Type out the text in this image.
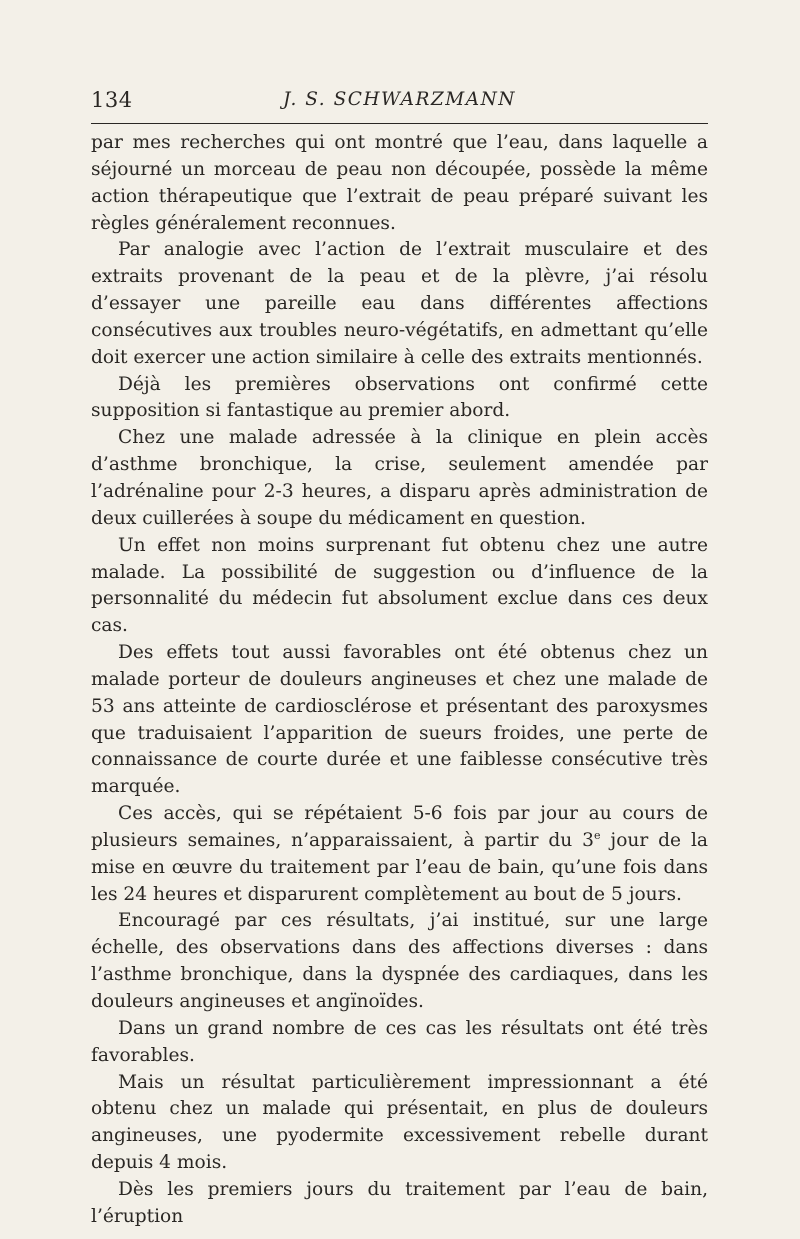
134	J. S. SCHWARZMANN

par mes recherches qui ont montré que l’eau, dans laquelle a séjourné un morceau de peau non découpée, possède la même action thérapeutique que l’extrait de peau préparé suivant les règles généralement reconnues.

Par analogie avec l’action de l’extrait musculaire et des extraits provenant de la peau et de la plèvre, j’ai résolu d’essayer une pareille eau dans différentes affections consécutives aux troubles neuro-végétatifs, en admettant qu’elle doit exercer une action similaire à celle des extraits mentionnés.

Déjà les premières observations ont confirmé cette supposition si fantastique au premier abord.

Chez une malade adressée à la clinique en plein accès d’asthme bronchique, la crise, seulement amendée par l’adrénaline pour 2-3 heures, a disparu après administration de deux cuillerées à soupe du médicament en question.

Un effet non moins surprenant fut obtenu chez une autre malade. La possibilité de suggestion ou d’influence de la personnalité du médecin fut absolument exclue dans ces deux cas.

Des effets tout aussi favorables ont été obtenus chez un malade porteur de douleurs angineuses et chez une malade de 53 ans atteinte de cardiosclérose et présentant des paroxysmes que traduisaient l’apparition de sueurs froides, une perte de connaissance de courte durée et une faiblesse consécutive très marquée.

Ces accès, qui se répétaient 5-6 fois par jour au cours de plusieurs semaines, n’apparaissaient, à partir du 3e jour de la mise en œuvre du traitement par l’eau de bain, qu’une fois dans les 24 heures et disparurent complètement au bout de 5 jours.

Encouragé par ces résultats, j’ai institué, sur une large échelle, des observations dans des affections diverses : dans l’asthme bronchique, dans la dyspnée des cardiaques, dans les douleurs angineuses et angïnoïdes.

Dans un grand nombre de ces cas les résultats ont été très favorables.

Mais un résultat particulièrement impressionnant a été obtenu chez un malade qui présentait, en plus de douleurs angineuses, une pyodermite excessivement rebelle durant depuis 4 mois.

Dès les premiers jours du traitement par l’eau de bain, l’éruption
